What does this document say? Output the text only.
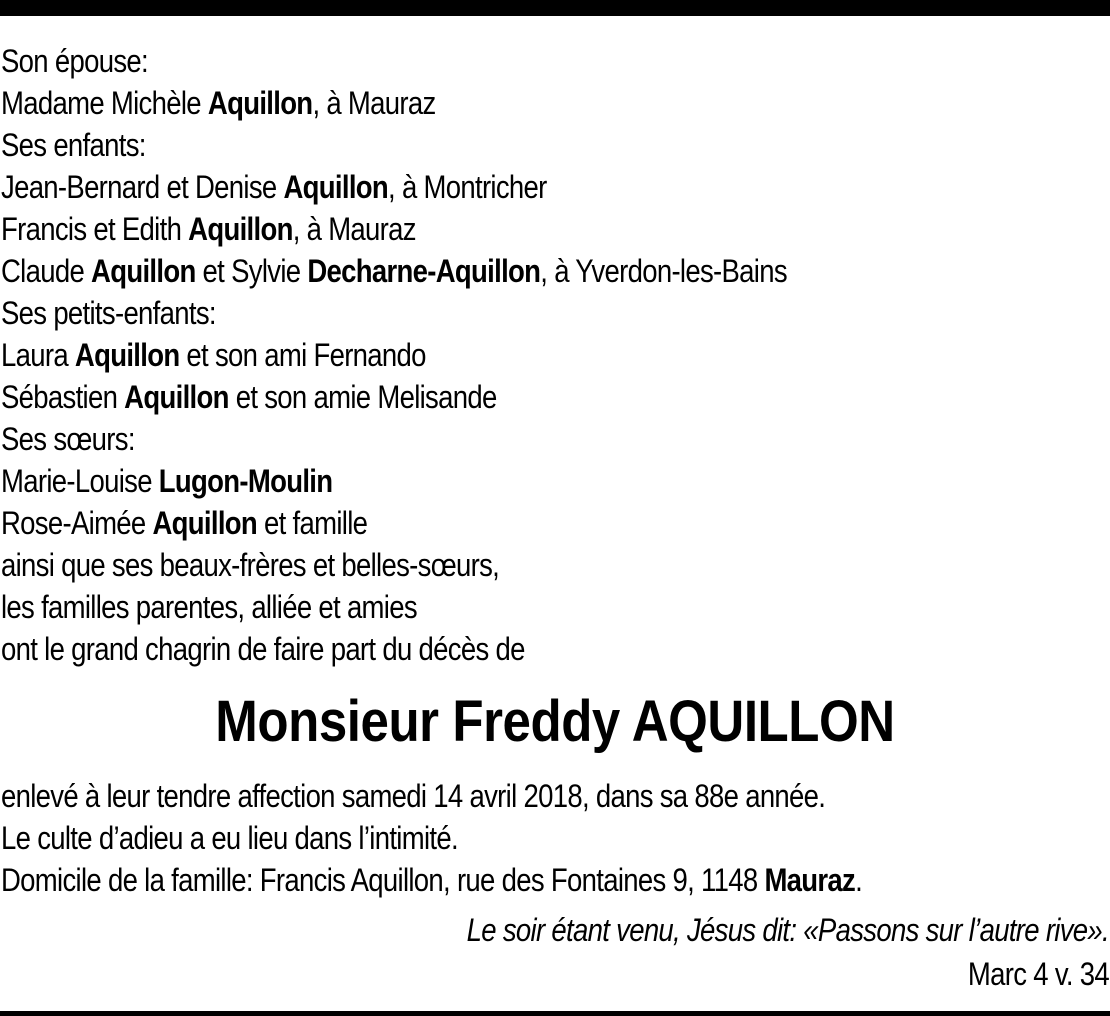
Son épouse:
Madame Michèle Aquillon, à Mauraz
Ses enfants:
Jean-Bernard et Denise Aquillon, à Montricher
Francis et Edith Aquillon, à Mauraz
Claude Aquillon et Sylvie Decharne-Aquillon, à Yverdon-les-Bains
Ses petits-enfants:
Laura Aquillon et son ami Fernando
Sébastien Aquillon et son amie Melisande
Ses sœurs:
Marie-Louise Lugon-Moulin
Rose-Aimée Aquillon et famille
ainsi que ses beaux-frères et belles-sœurs,
les familles parentes, alliée et amies
ont le grand chagrin de faire part du décès de
Monsieur Freddy AQUILLON
enlevé à leur tendre affection samedi 14 avril 2018, dans sa 88e année.
Le culte d’adieu a eu lieu dans l’intimité.
Domicile de la famille: Francis Aquillon, rue des Fontaines 9, 1148 Mauraz.
Le soir étant venu, Jésus dit: «Passons sur l’autre rive».
Marc 4 v. 34
